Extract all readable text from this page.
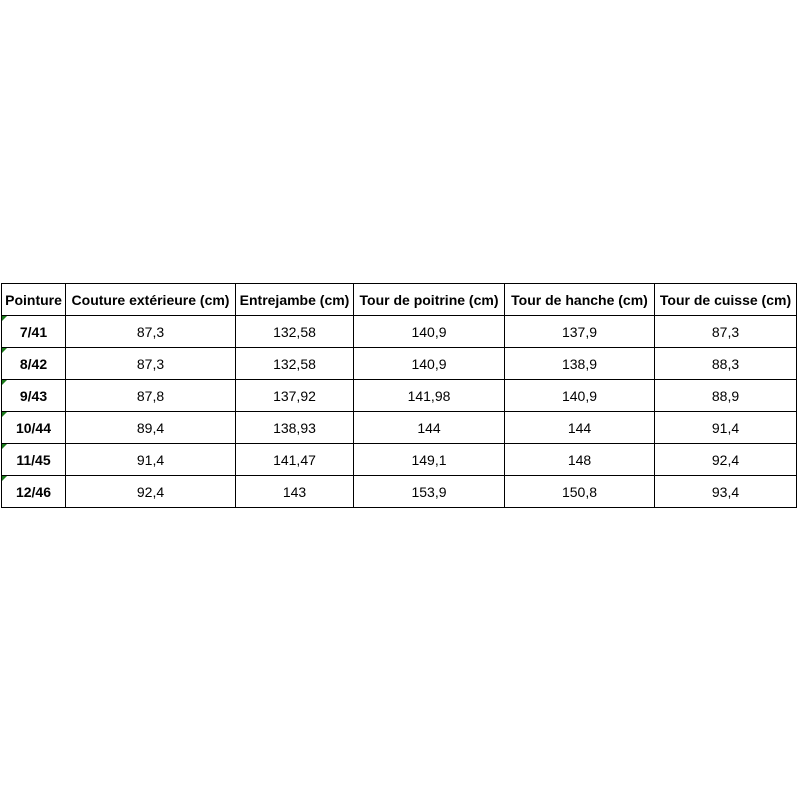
Pointure	Couture extérieure (cm)	Entrejambe (cm)	Tour de poitrine (cm)	Tour de hanche (cm)	Tour de cuisse (cm)

7/41	87,3	132,58	140,9	137,9	87,3

8/42	87,3	132,58	140,9	138,9	88,3

9/43	87,8	137,92	141,98	140,9	88,9

10/44	89,4	138,93	144	144	91,4

11/45	91,4	141,47	149,1	148	92,4

12/46	92,4	143	153,9	150,8	93,4
